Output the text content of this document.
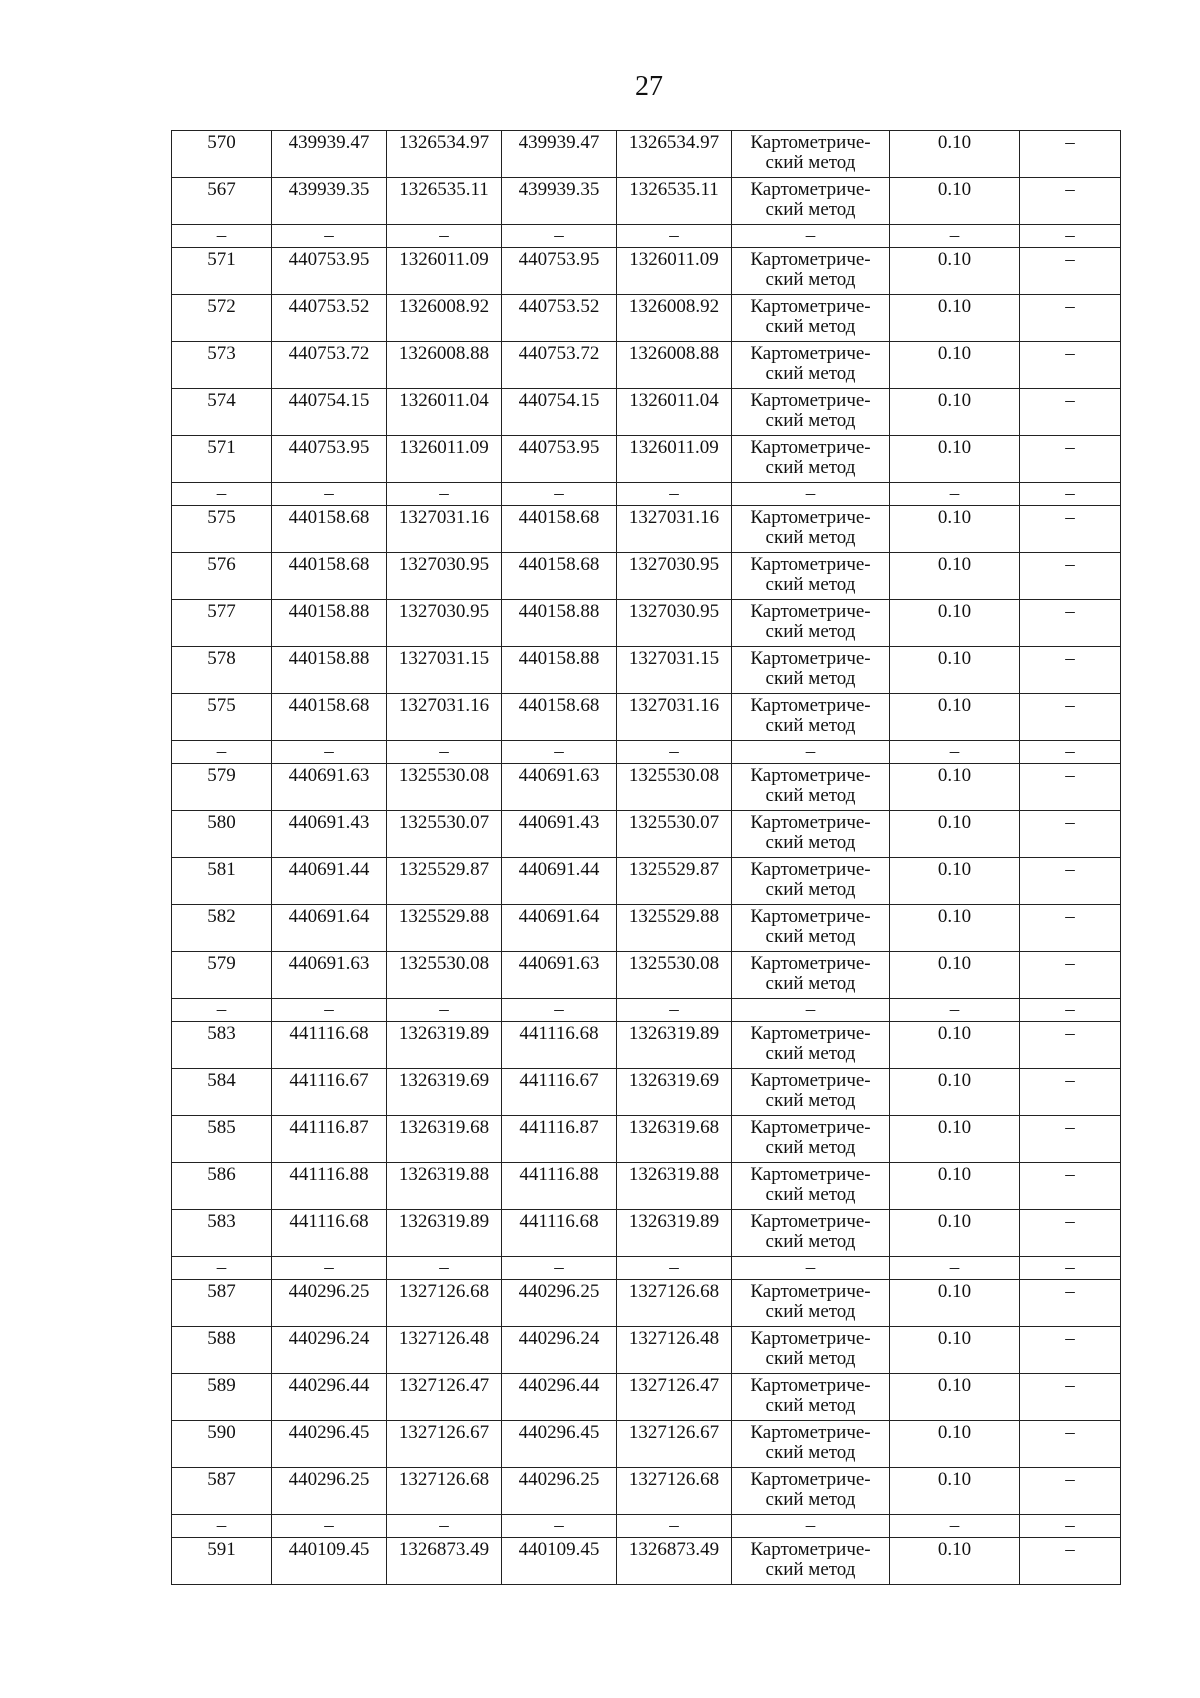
27
570	439939.47	1326534.97	439939.47	1326534.97	Картометриче-
ский метод	0.10	–
567	439939.35	1326535.11	439939.35	1326535.11	Картометриче-
ский метод	0.10	–
–	–	–	–	–	–	–	–
571	440753.95	1326011.09	440753.95	1326011.09	Картометриче-
ский метод	0.10	–
572	440753.52	1326008.92	440753.52	1326008.92	Картометриче-
ский метод	0.10	–
573	440753.72	1326008.88	440753.72	1326008.88	Картометриче-
ский метод	0.10	–
574	440754.15	1326011.04	440754.15	1326011.04	Картометриче-
ский метод	0.10	–
571	440753.95	1326011.09	440753.95	1326011.09	Картометриче-
ский метод	0.10	–
–	–	–	–	–	–	–	–
575	440158.68	1327031.16	440158.68	1327031.16	Картометриче-
ский метод	0.10	–
576	440158.68	1327030.95	440158.68	1327030.95	Картометриче-
ский метод	0.10	–
577	440158.88	1327030.95	440158.88	1327030.95	Картометриче-
ский метод	0.10	–
578	440158.88	1327031.15	440158.88	1327031.15	Картометриче-
ский метод	0.10	–
575	440158.68	1327031.16	440158.68	1327031.16	Картометриче-
ский метод	0.10	–
–	–	–	–	–	–	–	–
579	440691.63	1325530.08	440691.63	1325530.08	Картометриче-
ский метод	0.10	–
580	440691.43	1325530.07	440691.43	1325530.07	Картометриче-
ский метод	0.10	–
581	440691.44	1325529.87	440691.44	1325529.87	Картометриче-
ский метод	0.10	–
582	440691.64	1325529.88	440691.64	1325529.88	Картометриче-
ский метод	0.10	–
579	440691.63	1325530.08	440691.63	1325530.08	Картометриче-
ский метод	0.10	–
–	–	–	–	–	–	–	–
583	441116.68	1326319.89	441116.68	1326319.89	Картометриче-
ский метод	0.10	–
584	441116.67	1326319.69	441116.67	1326319.69	Картометриче-
ский метод	0.10	–
585	441116.87	1326319.68	441116.87	1326319.68	Картометриче-
ский метод	0.10	–
586	441116.88	1326319.88	441116.88	1326319.88	Картометриче-
ский метод	0.10	–
583	441116.68	1326319.89	441116.68	1326319.89	Картометриче-
ский метод	0.10	–
–	–	–	–	–	–	–	–
587	440296.25	1327126.68	440296.25	1327126.68	Картометриче-
ский метод	0.10	–
588	440296.24	1327126.48	440296.24	1327126.48	Картометриче-
ский метод	0.10	–
589	440296.44	1327126.47	440296.44	1327126.47	Картометриче-
ский метод	0.10	–
590	440296.45	1327126.67	440296.45	1327126.67	Картометриче-
ский метод	0.10	–
587	440296.25	1327126.68	440296.25	1327126.68	Картометриче-
ский метод	0.10	–
–	–	–	–	–	–	–	–
591	440109.45	1326873.49	440109.45	1326873.49	Картометриче-
ский метод	0.10	–
